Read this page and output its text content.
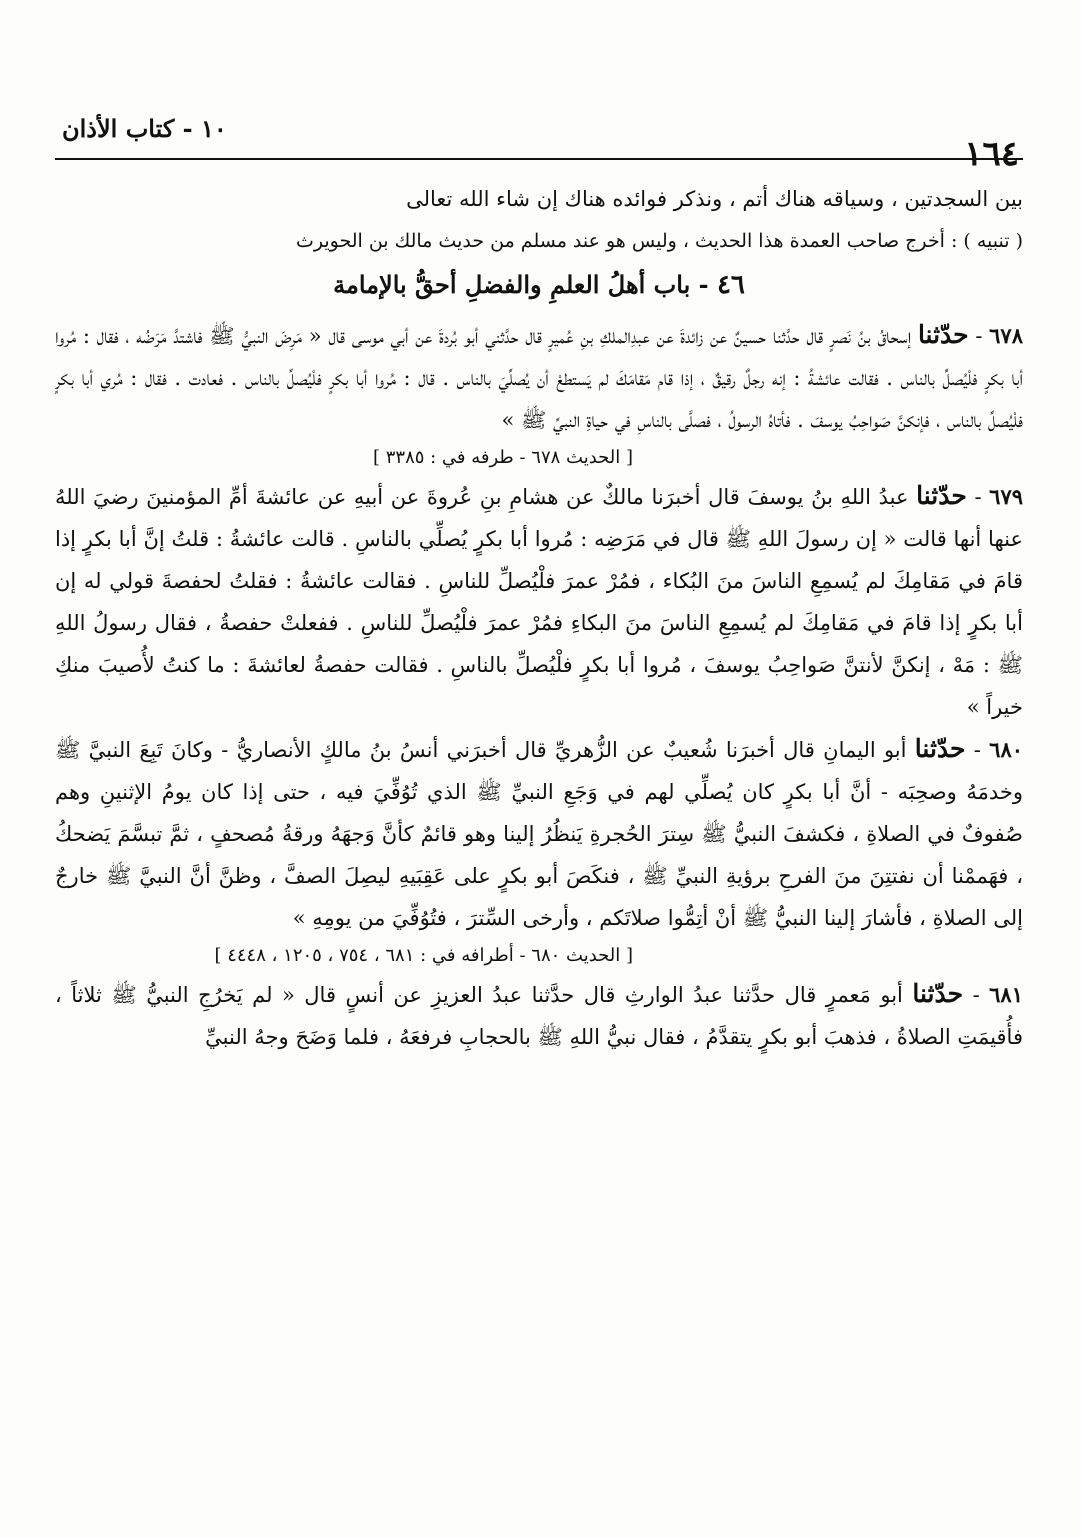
١٠ - كتاب الأذان
١٦٤

بين السجدتين ، وسياقه هناك أتم ، ونذكر فوائده هناك إن شاء الله تعالى

( تنبيه ) : أخرج صاحب العمدة هذا الحديث ، وليس هو عند مسلم من حديث مالك بن الحويرث

٤٦ - باب أهلُ العلمِ والفضلِ أحقُّ بالإمامة

٦٧٨ - حدّثنا إسحاقُ بنُ نَصرٍ قال حدَّثنا حسينٌ عن زائدةَ عن عبدِالملكِ بنِ عُميرٍ قال حدَّثني أبو بُردةَ عن أبي موسى قال « مَرِضَ النبيُّ ﷺ فاشتدَّ مَرَضُه ، فقال : مُروا أبا بكرٍ فلْيُصلِّ بالناس . فقالت عائشةُ : إنه رجلٌ رقيقٌ ، إذا قام مَقامَكَ لم يَستطعْ أن يُصلِّيَ بالناس . قال : مُروا أبا بكرٍ فلْيُصلِّ بالناس . فعادت . فقال : مُري أبا بكرٍ فلْيُصلِّ بالناس ، فإنكنَّ صَواحِبُ يوسفَ . فأتاهُ الرسولُ ، فصلَّى بالناسِ في حياةِ النبيِّ ﷺ »

[ الحديث ٦٧٨ - طرفه في : ٣٣٨٥ ]

٦٧٩ - حدّثنا عبدُ اللهِ بنُ يوسفَ قال أخبرَنا مالكٌ عن هشامِ بنِ عُروةَ عن أبيهِ عن عائشةَ أمِّ المؤمنينَ رضيَ اللهُ عنها أنها قالت « إن رسولَ اللهِ ﷺ قال في مَرَضِه : مُروا أبا بكرٍ يُصلِّي بالناسِ . قالت عائشةُ : قلتُ إنَّ أبا بكرٍ إذا قامَ في مَقامِكَ لم يُسمِعِ الناسَ منَ البُكاء ، فمُرْ عمرَ فلْيُصلِّ للناسِ . فقالت عائشةُ : فقلتُ لحفصةَ قولي له إن أبا بكرٍ إذا قامَ في مَقامِكَ لم يُسمِعِ الناسَ منَ البكاءِ فمُرْ عمرَ فلْيُصلِّ للناسِ . ففعلتْ حفصةُ ، فقال رسولُ اللهِ ﷺ : مَهْ ، إنكنَّ لأنتنَّ صَواحِبُ يوسفَ ، مُروا أبا بكرٍ فلْيُصلِّ بالناسِ . فقالت حفصةُ لعائشةَ : ما كنتُ لأُصيبَ منكِ خيراً »

٦٨٠ - حدّثنا أبو اليمانِ قال أخبرَنا شُعيبٌ عن الزُّهريِّ قال أخبرَني أنسُ بنُ مالكٍ الأنصاريُّ - وكانَ تَبِعَ النبيَّ ﷺ وخدمَهُ وصحِبَه - أنَّ أبا بكرٍ كان يُصلِّي لهم في وَجَعِ النبيِّ ﷺ الذي تُوُفِّيَ فيه ، حتى إذا كان يومُ الإثنينِ وهم صُفوفٌ في الصلاةِ ، فكشفَ النبيُّ ﷺ سِترَ الحُجرةِ يَنظُرُ إلينا وهو قائمٌ كأنَّ وَجهَهُ ورقةُ مُصحفٍ ، ثمَّ تبسَّمَ يَضحكُ ، فهَممْنا أن نفتتِنَ منَ الفرحِ برؤيةِ النبيِّ ﷺ ، فنكَصَ أبو بكرٍ على عَقِبَيهِ ليصِلَ الصفَّ ، وظنَّ أنَّ النبيَّ ﷺ خارجٌ إلى الصلاةِ ، فأشارَ إلينا النبيُّ ﷺ أنْ أتِمُّوا صلاتَكم ، وأرخى السِّترَ ، فتُوُفِّيَ من يومِهِ »

[ الحديث ٦٨٠ - أطرافه في : ٦٨١ ، ٧٥٤ ، ١٢٠٥ ، ٤٤٤٨ ]

٦٨١ - حدّثنا أبو مَعمرٍ قال حدَّثنا عبدُ الوارثِ قال حدَّثنا عبدُ العزيزِ عن أنسٍ قال « لم يَخرُجِ النبيُّ ﷺ ثلاثاً ، فأُقيمَتِ الصلاةُ ، فذهبَ أبو بكرٍ يتقدَّمُ ، فقال نبيُّ اللهِ ﷺ بالحجابِ فرفعَهُ ، فلما وَضَحَ وجهُ النبيِّ
